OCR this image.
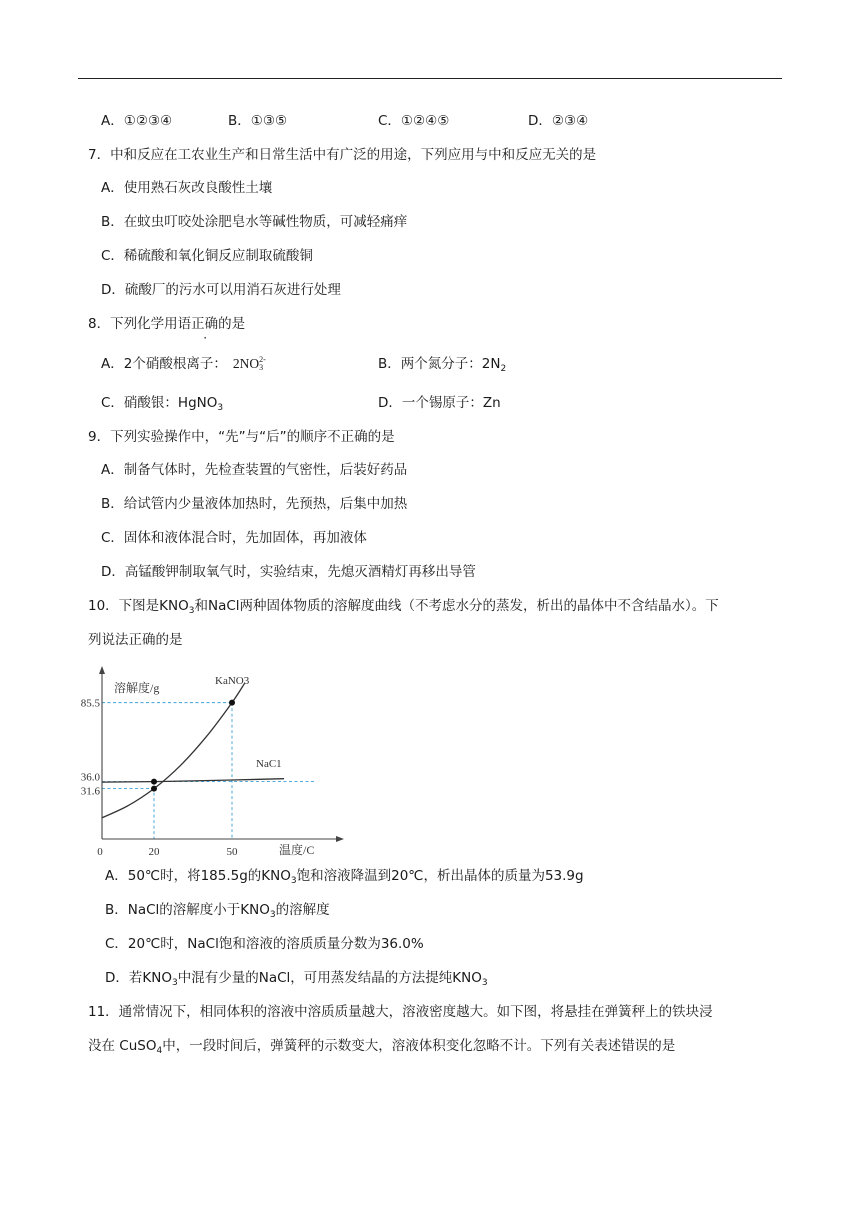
A．①②③④	B．①③⑤	C．①②④⑤	D．②③④
7．中和反应在工农业生产和日常生活中有广泛的用途，下列应用与中和反应无关的是
A．使用熟石灰改良酸性土壤
B．在蚊虫叮咬处涂肥皂水等碱性物质，可减轻痛痒
C．稀硫酸和氧化铜反应制取硫酸铜
D．硫酸厂的污水可以用消石灰进行处理
8．下列化学用语正确的是
A．2个硝酸根离子： 2NO 2-
3	B．两个氮分子：$2N_2$
C．硝酸银：HgNO$_3$	D．一个锡原子：Zn
9．下列实验操作中，“先”与“后”的顺序不正确的是
A．制备气体时，先检查装置的气密性，后装好药品
B．给试管内少量液体加热时，先预热，后集中加热
C．固体和液体混合时，先加固体，再加液体
D．高锰酸钾制取氧气时，实验结束，先熄灭酒精灯再移出导管
10．下图是$KNO_3$和NaCl两种固体物质的溶解度曲线（不考虑水分的蒸发，析出的晶体中不含结晶水）。下
列说法正确的是
31.6
36.0
85.5
0	20	50
溶解度/g
温度/C
KaNO3
NaC1
A．50℃时，将185.5g的$KNO_3$饱和溶液降温到20℃，析出晶体的质量为53.9g
B．NaCl的溶解度小于$KNO_3$的溶解度
C．20℃时，NaCl饱和溶液的溶质质量分数为36.0%
D．若$KNO_3$中混有少量的NaCl，可用蒸发结晶的方法提纯$KNO_3$
11．通常情况下，相同体积的溶液中溶质质量越大，溶液密度越大。如下图，将悬挂在弹簧秤上的铁块浸
没在 CuSO$_4$中，一段时间后，弹簧秤的示数变大，溶液体积变化忽略不计。下列有关表述错误的是
